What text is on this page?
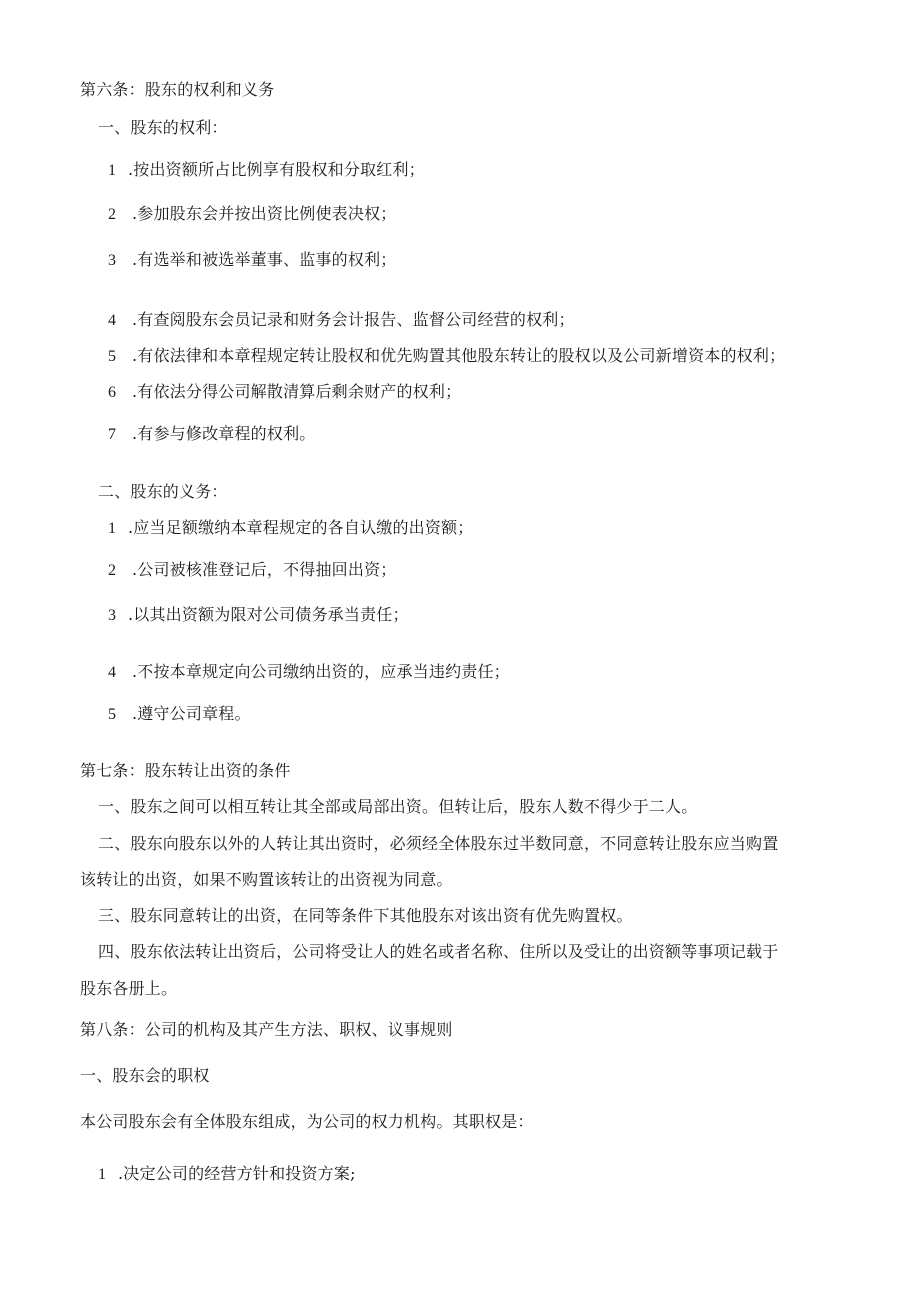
第六条：股东的权利和义务
一、股东的权利：
1 .按出资额所占比例享有股权和分取红利；
2 .参加股东会并按出资比例使表决权；
3 .有选举和被选举董事、监事的权利；
4 .有查阅股东会员记录和财务会计报告、监督公司经营的权利；
5 .有依法律和本章程规定转让股权和优先购置其他股东转让的股权以及公司新增资本的权利；
6 .有依法分得公司解散清算后剩余财产的权利；
7 .有参与修改章程的权利。
二、股东的义务：
1 .应当足额缴纳本章程规定的各自认缴的出资额；
2 .公司被核准登记后，不得抽回出资；
3 .以其出资额为限对公司债务承当责任；
4 .不按本章规定向公司缴纳出资的，应承当违约责任；
5 .遵守公司章程。
第七条：股东转让出资的条件
一、股东之间可以相互转让其全部或局部出资。但转让后，股东人数不得少于二人。
二、股东向股东以外的人转让其出资时，必须经全体股东过半数同意，不同意转让股东应当购置
该转让的出资，如果不购置该转让的出资视为同意。
三、股东同意转让的出资，在同等条件下其他股东对该出资有优先购置权。
四、股东依法转让出资后，公司将受让人的姓名或者名称、住所以及受让的出资额等事项记载于
股东各册上。
第八条：公司的机构及其产生方法、职权、议事规则
一、股东会的职权
本公司股东会有全体股东组成，为公司的权力机构。其职权是：
1 .决定公司的经营方针和投资方案;
